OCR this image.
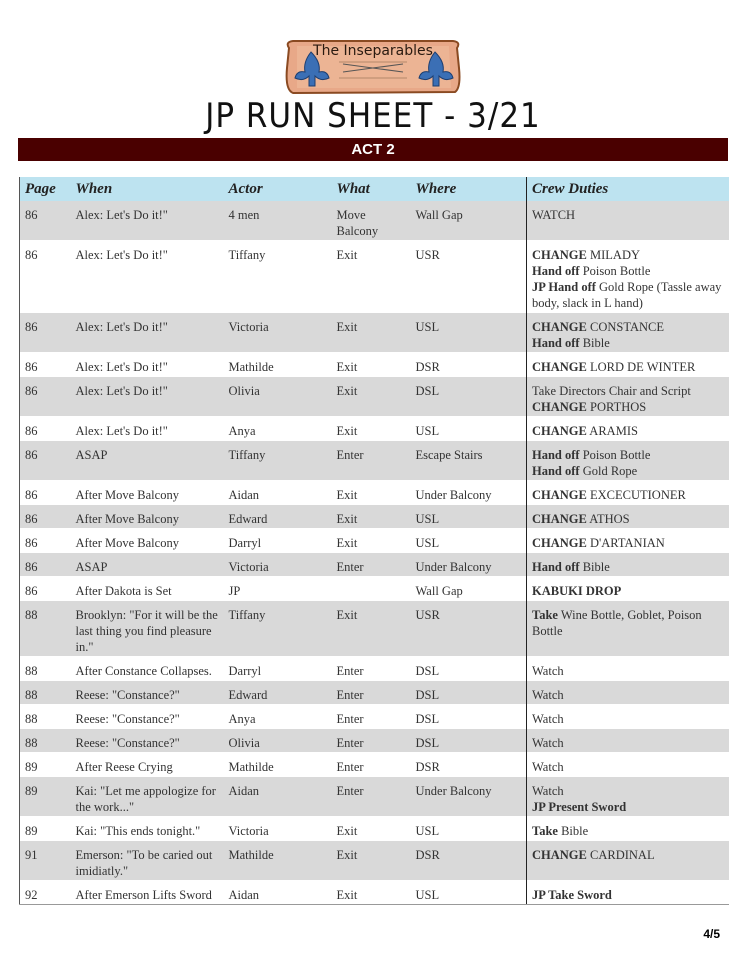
The Inseparables
JP RUN SHEET - 3/21
ACT 2
Page	When	Actor	What	Where	Crew Duties
86	Alex: Let's Do it!"	4 men	Move Balcony	Wall Gap	WATCH

86	Alex: Let's Do it!"	Tiffany	Exit	USR	CHANGE MILADY
Hand off Poison Bottle
JP Hand off Gold Rope (Tassle away body, slack in L hand)

86	Alex: Let's Do it!"	Victoria	Exit	USL	CHANGE CONSTANCE
Hand off Bible

86	Alex: Let's Do it!"	Mathilde	Exit	DSR	CHANGE LORD DE WINTER

86	Alex: Let's Do it!"	Olivia	Exit	DSL	Take Directors Chair and Script
CHANGE PORTHOS

86	Alex: Let's Do it!"	Anya	Exit	USL	CHANGE ARAMIS

86	ASAP	Tiffany	Enter	Escape Stairs	Hand off Poison Bottle
Hand off Gold Rope

86	After Move Balcony	Aidan	Exit	Under Balcony	CHANGE EXCECUTIONER

86	After Move Balcony	Edward	Exit	USL	CHANGE ATHOS

86	After Move Balcony	Darryl	Exit	USL	CHANGE D'ARTANIAN

86	ASAP	Victoria	Enter	Under Balcony	Hand off Bible

86	After Dakota is Set	JP		Wall Gap	KABUKI DROP

88	Brooklyn: "For it will be the last thing you find pleasure in."	Tiffany	Exit	USR	Take Wine Bottle, Goblet, Poison Bottle

88	After Constance Collapses.	Darryl	Enter	DSL	Watch

88	Reese: "Constance?"	Edward	Enter	DSL	Watch

88	Reese: "Constance?"	Anya	Enter	DSL	Watch

88	Reese: "Constance?"	Olivia	Enter	DSL	Watch

89	After Reese Crying	Mathilde	Enter	DSR	Watch

89	Kai: "Let me appologize for the work..."	Aidan	Enter	Under Balcony	Watch
JP Present Sword

89	Kai: "This ends tonight."	Victoria	Exit	USL	Take Bible

91	Emerson: "To be caried out imidiatly."	Mathilde	Exit	DSR	CHANGE CARDINAL

92	After Emerson Lifts Sword	Aidan	Exit	USL	JP Take Sword
4/5
